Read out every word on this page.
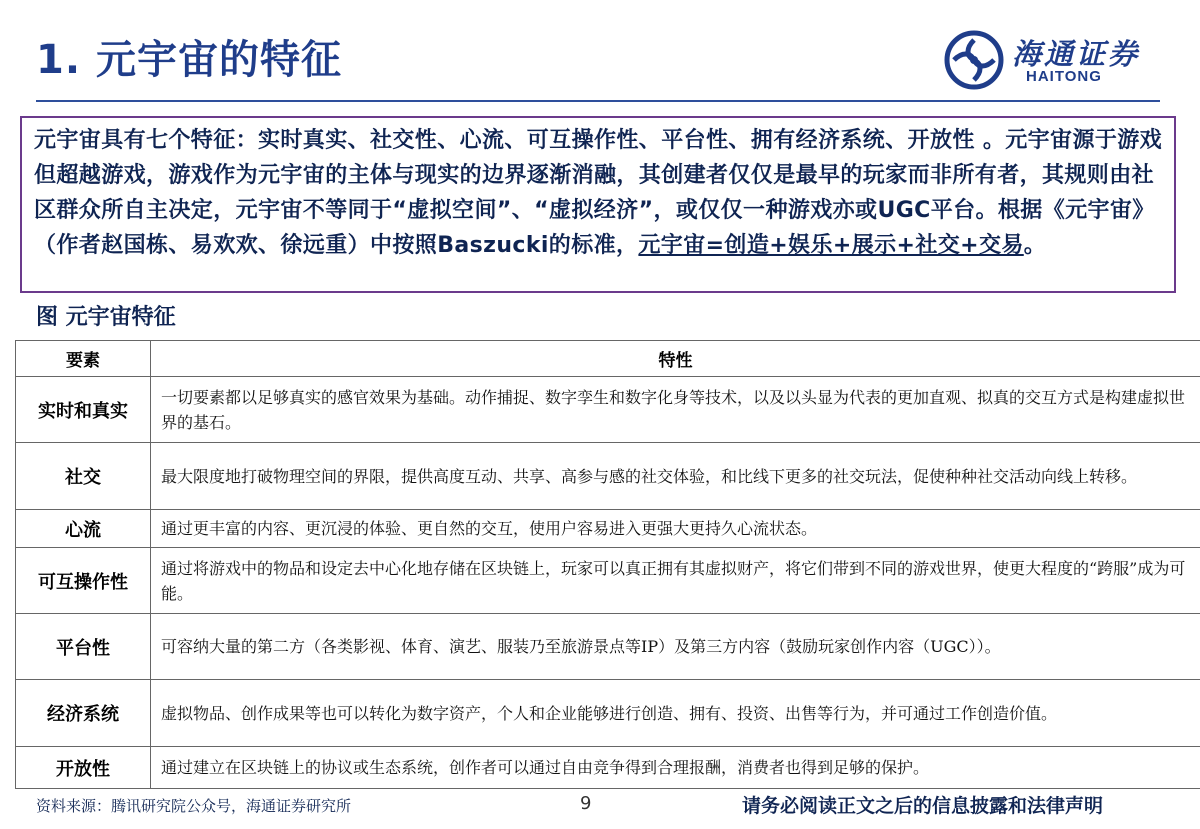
1. 元宇宙的特征	海通证券
HAITONG
元宇宙具有七个特征：实时真实、社交性、心流、可互操作性、平台性、拥有经济系统、开放性 。元宇宙源于游戏但超越游戏，游戏作为元宇宙的主体与现实的边界逐渐消融，其创建者仅仅是最早的玩家而非所有者，其规则由社区群众所自主决定，元宇宙不等同于“虚拟空间”、“虚拟经济”，或仅仅一种游戏亦或UGC平台。根据《元宇宙》（作者赵国栋、易欢欢、徐远重）中按照Baszucki的标准，元宇宙=创造+娱乐+展示+社交+交易。
图 元宇宙特征
要素	特性
实时和真实	一切要素都以足够真实的感官效果为基础。动作捕捉、数字孪生和数字化身等技术，以及以头显为代表的更加直观、拟真的交互方式是构建虚拟世界的基石。
社交	最大限度地打破物理空间的界限，提供高度互动、共享、高参与感的社交体验，和比线下更多的社交玩法，促使种种社交活动向线上转移。
心流	通过更丰富的内容、更沉浸的体验、更自然的交互，使用户容易进入更强大更持久心流状态。
可互操作性	通过将游戏中的物品和设定去中心化地存储在区块链上，玩家可以真正拥有其虚拟财产，将它们带到不同的游戏世界，使更大程度的“跨服”成为可能。
平台性	可容纳大量的第二方（各类影视、体育、演艺、服装乃至旅游景点等IP）及第三方内容（鼓励玩家创作内容（UGC））。
经济系统	虚拟物品、创作成果等也可以转化为数字资产，个人和企业能够进行创造、拥有、投资、出售等行为，并可通过工作创造价值。
开放性	通过建立在区块链上的协议或生态系统，创作者可以通过自由竞争得到合理报酬，消费者也得到足够的保护。
资料来源：腾讯研究院公众号，海通证券研究所	9	请务必阅读正文之后的信息披露和法律声明
